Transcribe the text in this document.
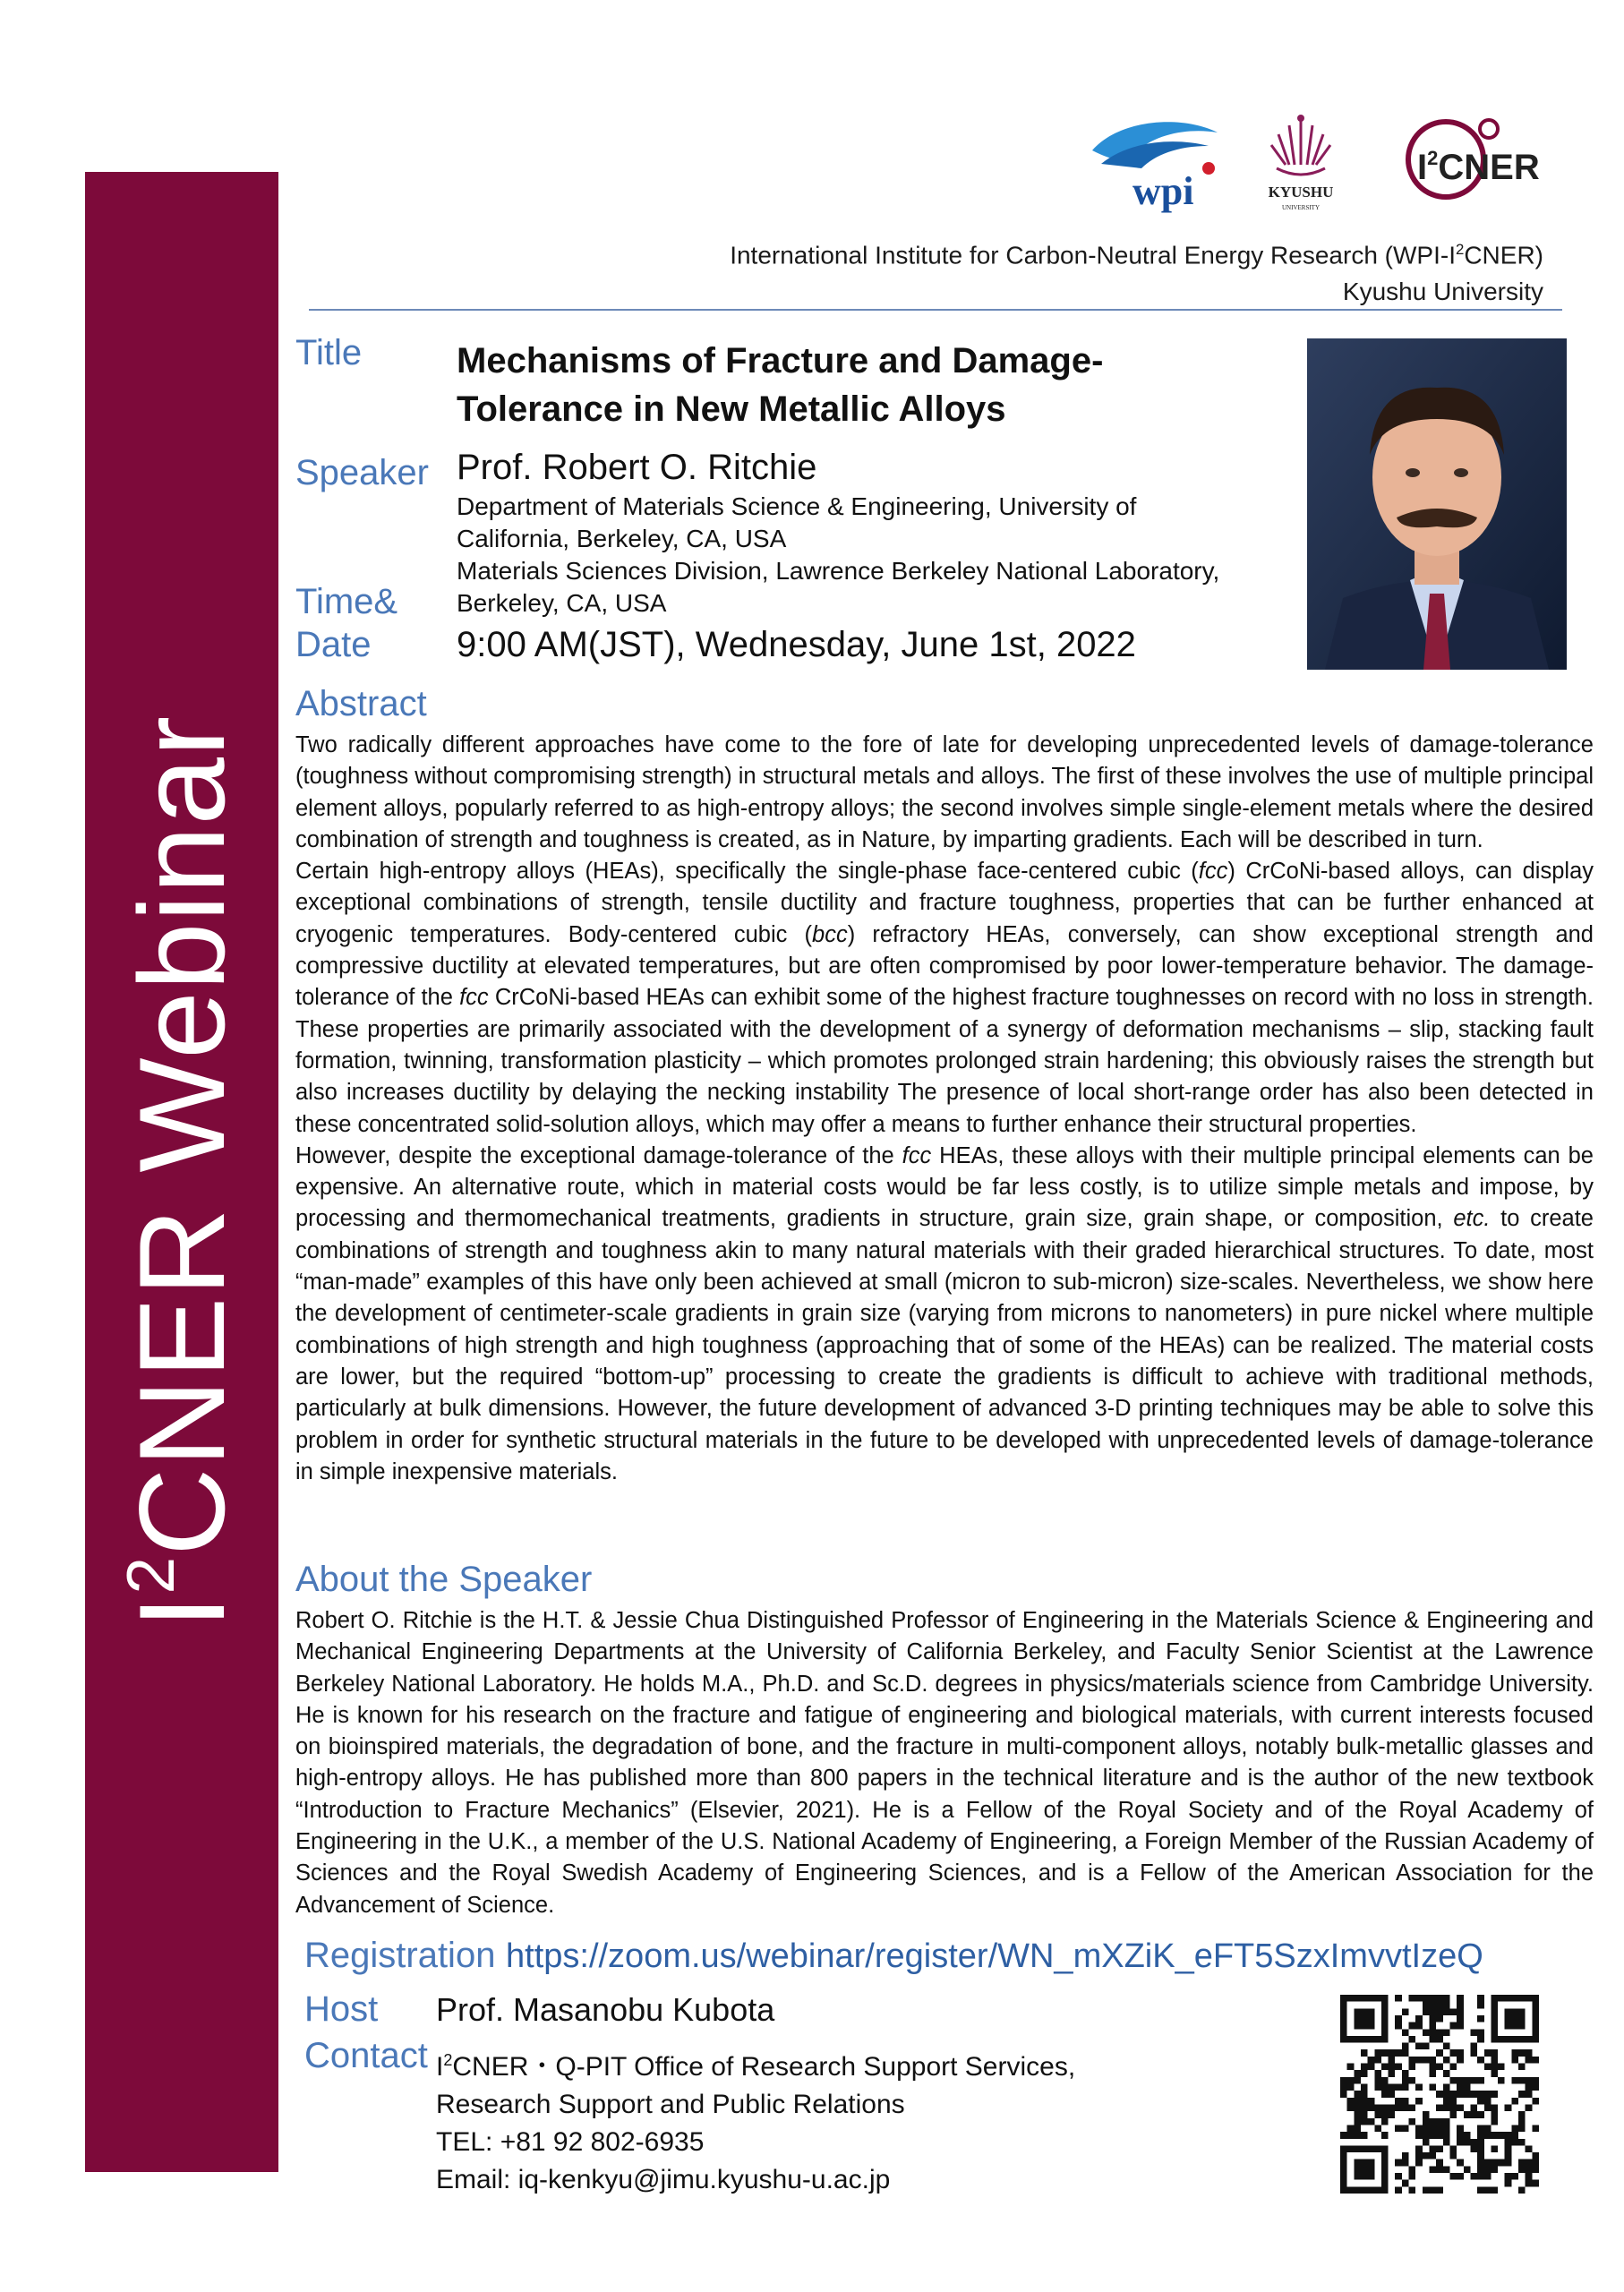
$I^2CNER$ Webinar
wpi	KYUSHU
UNIVERSITY
$I^2CNER$
International Institute for Carbon-Neutral Energy Research $(WPI-I^2CNER)$
Kyushu University
Title
Speaker
Time&
Date
Mechanisms of Fracture and Damage-
Tolerance in New Metallic Alloys
Prof. Robert O. Ritchie
Department of Materials Science & Engineering, University of
California, Berkeley, CA, USA
Materials Sciences Division, Lawrence Berkeley National Laboratory,
Berkeley, CA, USA
9:00 AM(JST), Wednesday, June 1st, 2022
Abstract

Two radically different approaches have come to the fore of late for developing unprecedented levels of damage-tolerance (toughness without compromising strength) in structural metals and alloys. The first of these involves the use of multiple principal element alloys, popularly referred to as high-entropy alloys; the second involves simple single-element metals where the desired combination of strength and toughness is created, as in Nature, by imparting gradients. Each will be described in turn.

Certain high-entropy alloys (HEAs), specifically the single-phase face-centered cubic (fcc) CrCoNi-based alloys, can display exceptional combinations of strength, tensile ductility and fracture toughness, properties that can be further enhanced at cryogenic temperatures. Body-centered cubic (bcc) refractory HEAs, conversely, can show exceptional strength and compressive ductility at elevated temperatures, but are often compromised by poor lower-temperature behavior. The damage-tolerance of the fcc CrCoNi-based HEAs can exhibit some of the highest fracture toughnesses on record with no loss in strength. These properties are primarily associated with the development of a synergy of deformation mechanisms – slip, stacking fault formation, twinning, transformation plasticity – which promotes prolonged strain hardening; this obviously raises the strength but also increases ductility by delaying the necking instability The presence of local short-range order has also been detected in these concentrated solid-solution alloys, which may offer a means to further enhance their structural properties.

However, despite the exceptional damage-tolerance of the fcc HEAs, these alloys with their multiple principal elements can be expensive. An alternative route, which in material costs would be far less costly, is to utilize simple metals and impose, by processing and thermomechanical treatments, gradients in structure, grain size, grain shape, or composition, etc. to create combinations of strength and toughness akin to many natural materials with their graded hierarchical structures. To date, most “man-made” examples of this have only been achieved at small (micron to sub-micron) size-scales. Nevertheless, we show here the development of centimeter-scale gradients in grain size (varying from microns to nanometers) in pure nickel where multiple combinations of high strength and high toughness (approaching that of some of the HEAs) can be realized. The material costs are lower, but the required “bottom-up” processing to create the gradients is difficult to achieve with traditional methods, particularly at bulk dimensions. However, the future development of advanced 3-D printing techniques may be able to solve this problem in order for synthetic structural materials in the future to be developed with unprecedented levels of damage-tolerance in simple inexpensive materials.

About the Speaker
Robert O. Ritchie is the H.T. & Jessie Chua Distinguished Professor of Engineering in the Materials Science & Engineering and Mechanical Engineering Departments at the University of California Berkeley, and Faculty Senior Scientist at the Lawrence Berkeley National Laboratory. He holds M.A., Ph.D. and Sc.D. degrees in physics/materials science from Cambridge University. He is known for his research on the fracture and fatigue of engineering and biological materials, with current interests focused on bioinspired materials, the degradation of bone, and the fracture in multi-component alloys, notably bulk-metallic glasses and high-entropy alloys. He has published more than 800 papers in the technical literature and is the author of the new textbook “Introduction to Fracture Mechanics” (Elsevier, 2021). He is a Fellow of the Royal Society and of the Royal Academy of Engineering in the U.K., a member of the U.S. National Academy of Engineering, a Foreign Member of the Russian Academy of Sciences and the Royal Swedish Academy of Engineering Sciences, and is a Fellow of the American Association for the Advancement of Science.
Registration https://zoom.us/webinar/register/WN_mXZiK_eFT5SzxImvvtIzeQ
Host Prof. Masanobu Kubota
Contact $I^2CNER$・Q-PIT Office of Research Support Services,
Research Support and Public Relations
TEL: +81 92 802-6935
Email: iq-kenkyu@jimu.kyushu-u.ac.jp
